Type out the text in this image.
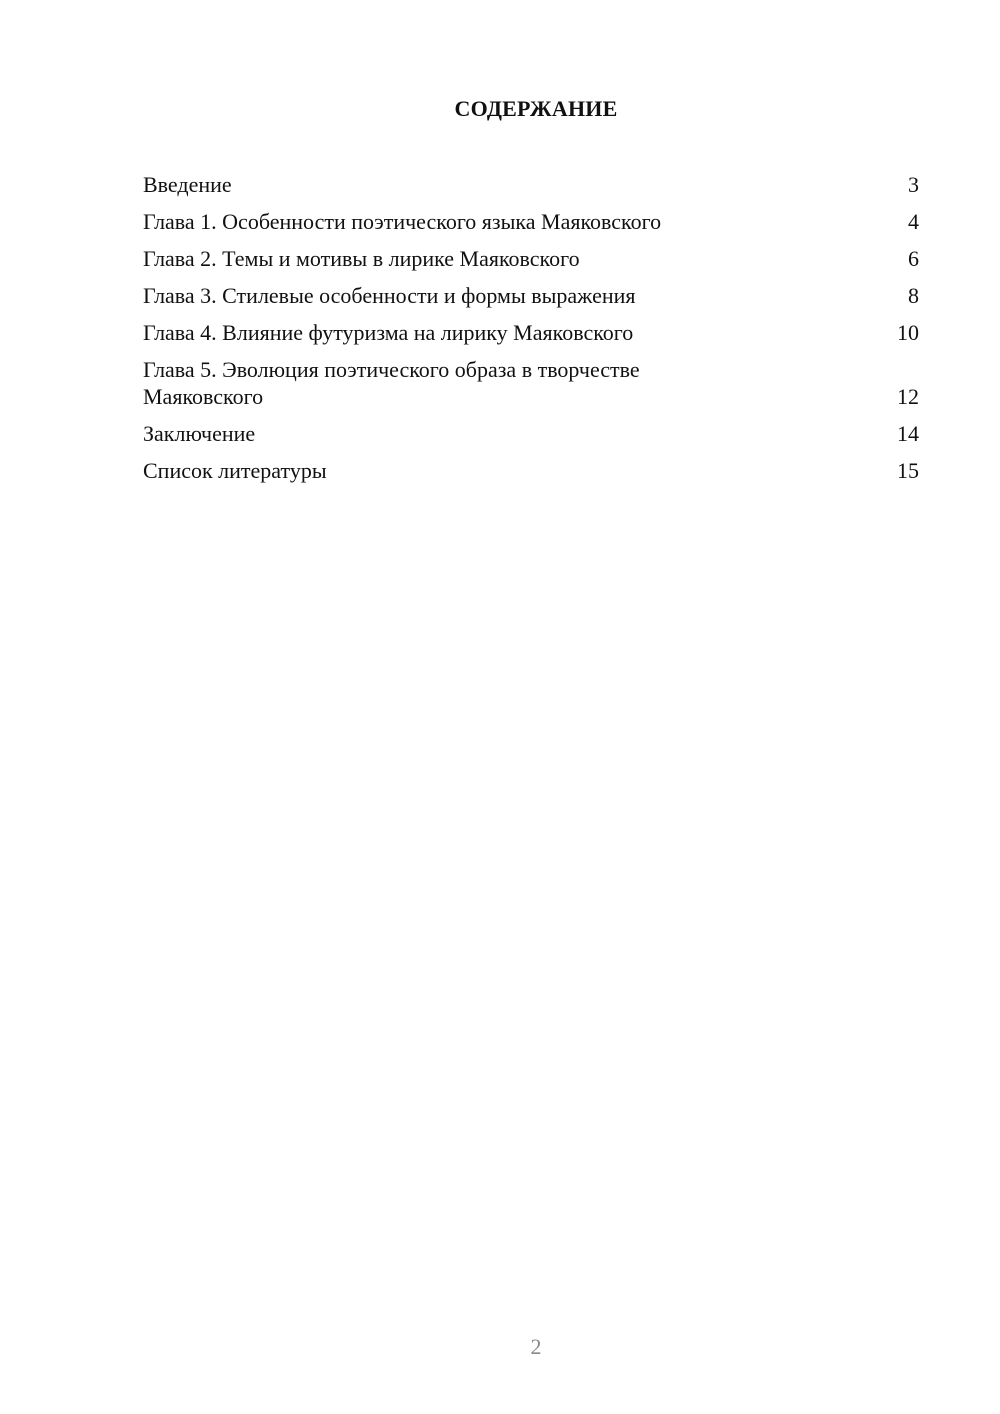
СОДЕРЖАНИЕ
Введение	3
Глава 1. Особенности поэтического языка Маяковского	4
Глава 2. Темы и мотивы в лирике Маяковского	6
Глава 3. Стилевые особенности и формы выражения	8
Глава 4. Влияние футуризма на лирику Маяковского	10
Глава 5. Эволюция поэтического образа в творчестве Маяковского	12
Заключение	14
Список литературы	15
2
